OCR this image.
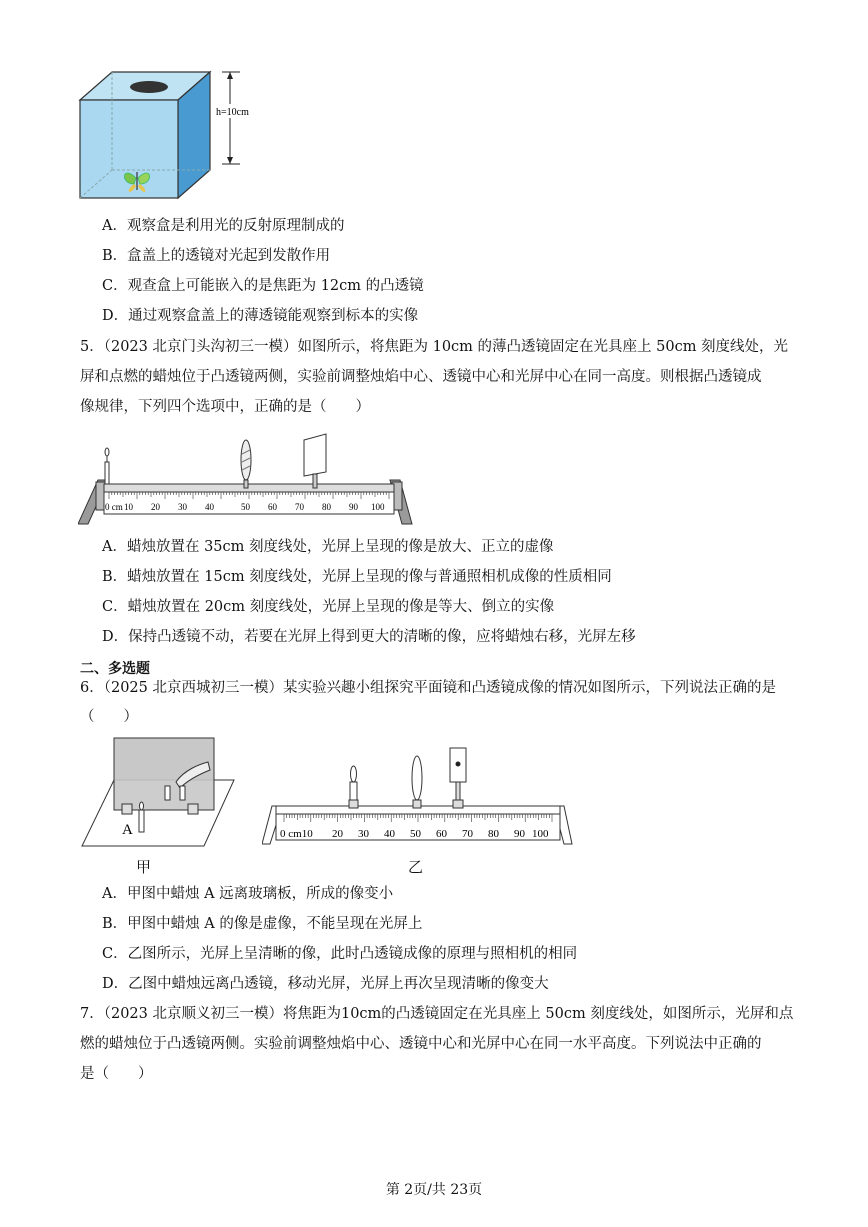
h=10cm
A．观察盒是利用光的反射原理制成的
B．盒盖上的透镜对光起到发散作用
C．观查盒上可能嵌入的是焦距为 12cm 的凸透镜
D．通过观察盒盖上的薄透镜能观察到标本的实像
5．（2023 北京门头沟初三一模）如图所示，将焦距为 10cm 的薄凸透镜固定在光具座上 50cm 刻度线处，光
屏和点燃的蜡烛位于凸透镜两侧，实验前调整烛焰中心、透镜中心和光屏中心在同一高度。则根据凸透镜成
像规律，下列四个选项中，正确的是（　　）
0 cm 10 20 30 40	50 60 70 80 90 100
A．蜡烛放置在 35cm 刻度线处，光屏上呈现的像是放大、正立的虚像
B．蜡烛放置在 15cm 刻度线处，光屏上呈现的像与普通照相机成像的性质相同
C．蜡烛放置在 20cm 刻度线处，光屏上呈现的像是等大、倒立的实像
D．保持凸透镜不动，若要在光屏上得到更大的清晰的像，应将蜡烛右移，光屏左移
二、多选题
6．（2025 北京西城初三一模）某实验兴趣小组探究平面镜和凸透镜成像的情况如图所示，下列说法正确的是
（　　）
A
甲
0 cm10 20 30 40 50 60 70 80 90 100
乙
A．甲图中蜡烛 A 远离玻璃板，所成的像变小
B．甲图中蜡烛 A 的像是虚像，不能呈现在光屏上
C．乙图所示，光屏上呈清晰的像，此时凸透镜成像的原理与照相机的相同
D．乙图中蜡烛远离凸透镜，移动光屏，光屏上再次呈现清晰的像变大
7．（2023 北京顺义初三一模）将焦距为10cm的凸透镜固定在光具座上 50cm 刻度线处，如图所示，光屏和点
燃的蜡烛位于凸透镜两侧。实验前调整烛焰中心、透镜中心和光屏中心在同一水平高度。下列说法中正确的
是（　　）
第 2页/共 23页
